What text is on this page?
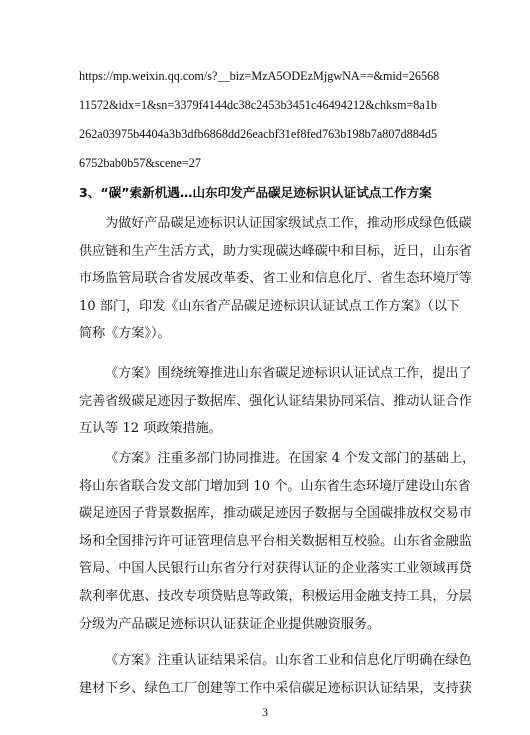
https://mp.weixin.qq.com/s?__biz=MzA5ODEzMjgwNA==&mid=26568
11572&idx=1&sn=3379f4144dc38c2453b3451c46494212&chksm=8a1b
262a03975b4404a3b3dfb6868dd26eacbf31ef8fed763b198b7a807d884d5
6752bab0b57&scene=27
3、“碳”索新机遇…山东印发产品碳足迹标识认证试点工作方案
为做好产品碳足迹标识认证国家级试点工作，推动形成绿色低碳
供应链和生产生活方式，助力实现碳达峰碳中和目标，近日，山东省
市场监管局联合省发展改革委、省工业和信息化厅、省生态环境厅等
10 部门，印发《山东省产品碳足迹标识认证试点工作方案》（以下
简称《方案》）。
《方案》围绕统筹推进山东省碳足迹标识认证试点工作，提出了
完善省级碳足迹因子数据库、强化认证结果协同采信、推动认证合作
互认等 12 项政策措施。
《方案》注重多部门协同推进。在国家 4 个发文部门的基础上，
将山东省联合发文部门增加到 10 个。山东省生态环境厅建设山东省
碳足迹因子背景数据库，推动碳足迹因子数据与全国碳排放权交易市
场和全国排污许可证管理信息平台相关数据相互校验。山东省金融监
管局、中国人民银行山东省分行对获得认证的企业落实工业领域再贷
款利率优惠、技改专项贷贴息等政策，积极运用金融支持工具，分层
分级为产品碳足迹标识认证获证企业提供融资服务。
《方案》注重认证结果采信。山东省工业和信息化厅明确在绿色
建材下乡、绿色工厂创建等工作中采信碳足迹标识认证结果，支持获
3
